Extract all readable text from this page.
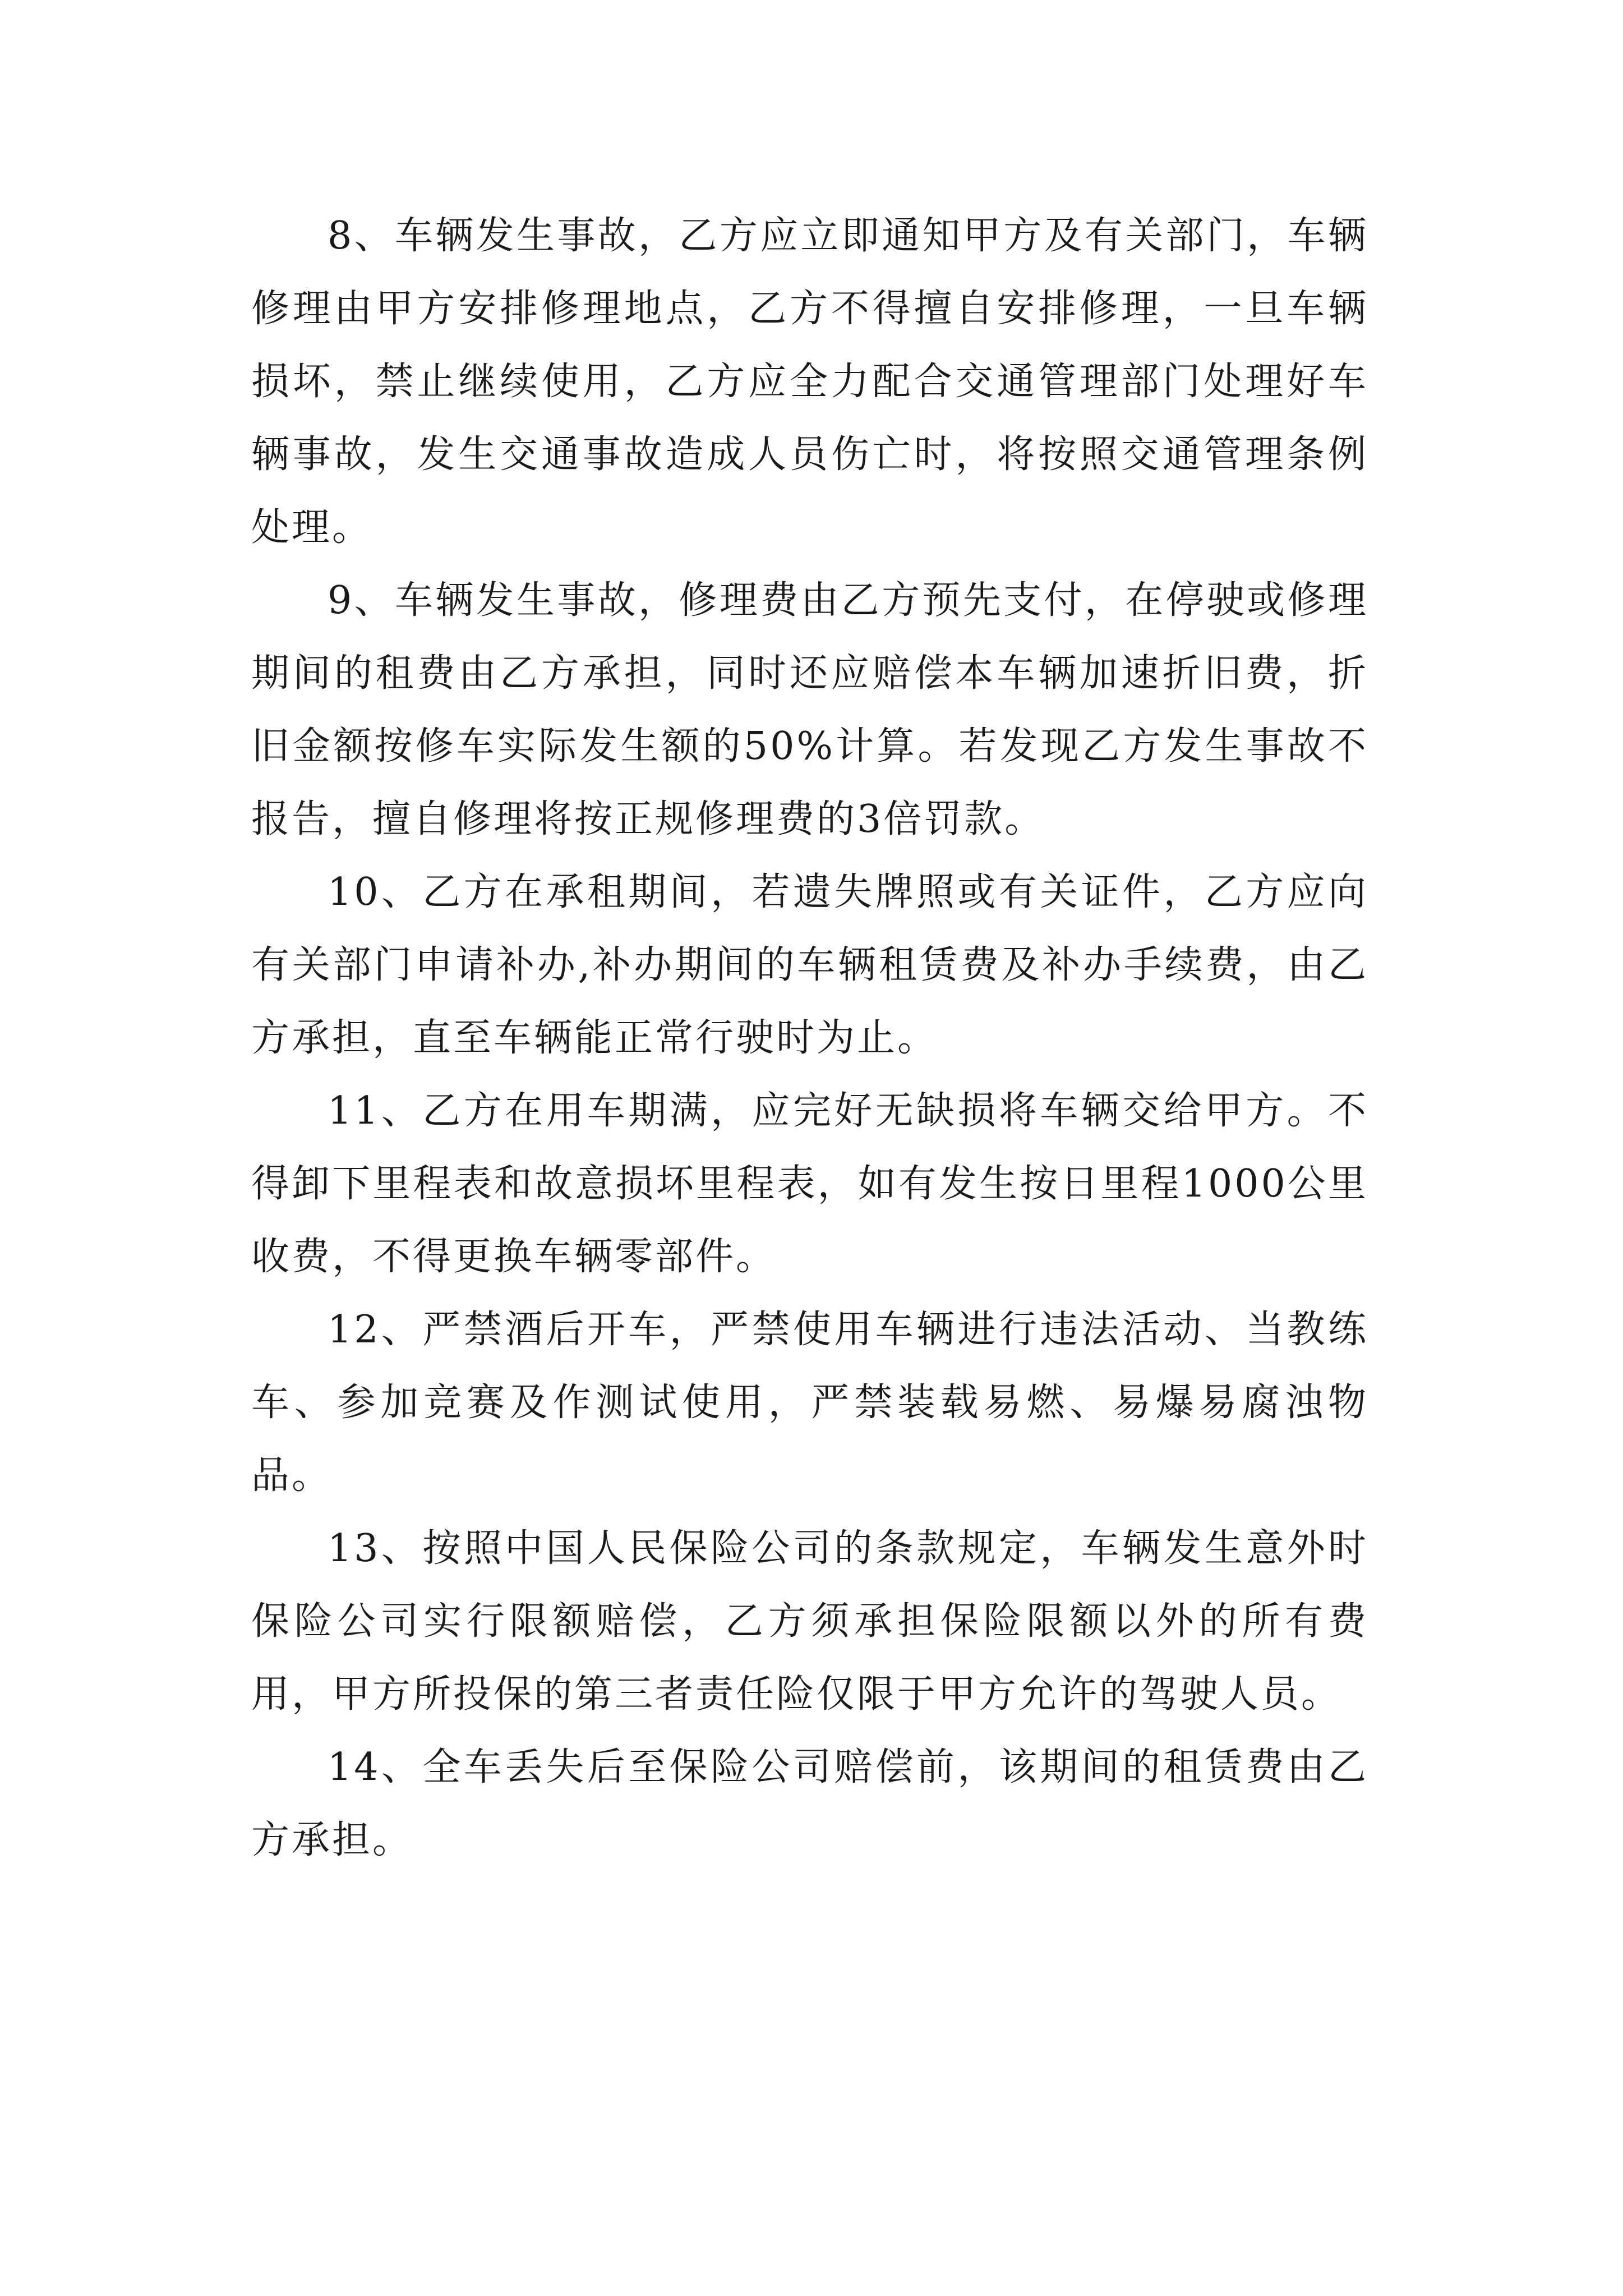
8、车辆发生事故，乙方应立即通知甲方及有关部门，车辆修理由甲方安排修理地点，乙方不得擅自安排修理，一旦车辆损坏，禁止继续使用，乙方应全力配合交通管理部门处理好车辆事故，发生交通事故造成人员伤亡时，将按照交通管理条例处理。

9、车辆发生事故，修理费由乙方预先支付，在停驶或修理期间的租费由乙方承担，同时还应赔偿本车辆加速折旧费，折旧金额按修车实际发生额的50%计算。若发现乙方发生事故不报告，擅自修理将按正规修理费的3倍罚款。

10、乙方在承租期间，若遗失牌照或有关证件，乙方应向有关部门申请补办,补办期间的车辆租赁费及补办手续费，由乙方承担，直至车辆能正常行驶时为止。

11、乙方在用车期满，应完好无缺损将车辆交给甲方。不得卸下里程表和故意损坏里程表，如有发生按日里程1000公里收费，不得更换车辆零部件。

12、严禁酒后开车，严禁使用车辆进行违法活动、当教练车、参加竞赛及作测试使用，严禁装载易燃、易爆易腐浊物品。

13、按照中国人民保险公司的条款规定，车辆发生意外时保险公司实行限额赔偿，乙方须承担保险限额以外的所有费用，甲方所投保的第三者责任险仅限于甲方允许的驾驶人员。

14、全车丢失后至保险公司赔偿前，该期间的租赁费由乙方承担。
